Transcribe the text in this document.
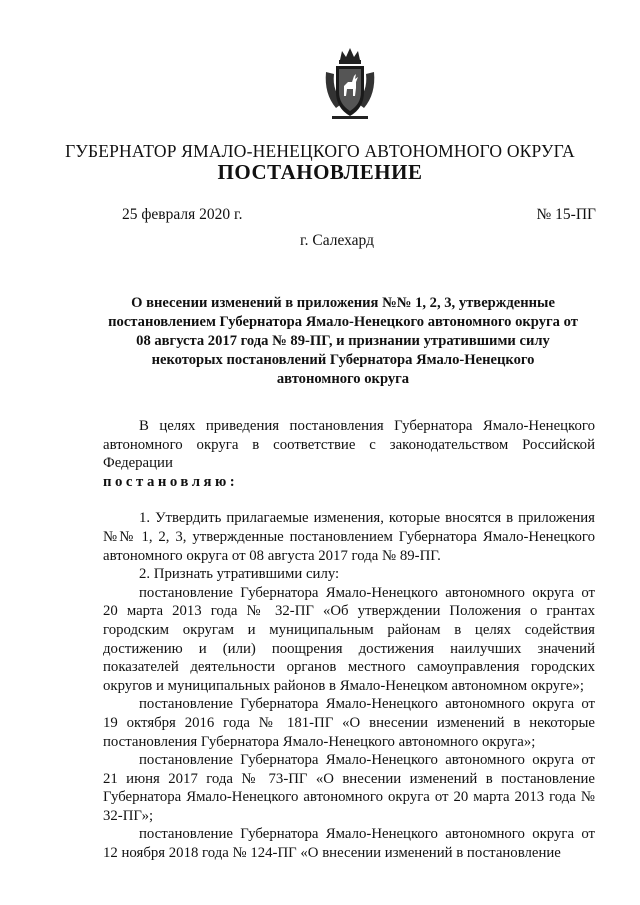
ГУБЕРНАТОР ЯМАЛО-НЕНЕЦКОГО АВТОНОМНОГО ОКРУГА
ПОСТАНОВЛЕНИЕ
25 февраля 2020 г.	№ 15-ПГ
г. Салехард
О внесении изменений в приложения №№ 1, 2, 3, утвержденные постановлением Губернатора Ямало-Ненецкого автономного округа от 08 августа 2017 года № 89-ПГ, и признании утратившими силу некоторых постановлений Губернатора Ямало-Ненецкого автономного округа

В целях приведения постановления Губернатора Ямало-Ненецкого автономного округа в соответствие с законодательством Российской Федерации

постановляю:

1. Утвердить прилагаемые изменения, которые вносятся в приложения №№ 1, 2, 3, утвержденные постановлением Губернатора Ямало-Ненецкого автономного округа от 08 августа 2017 года № 89-ПГ.

2. Признать утратившими силу:

постановление Губернатора Ямало-Ненецкого автономного округа от 20 марта 2013 года № 32-ПГ «Об утверждении Положения о грантах городским округам и муниципальным районам в целях содействия достижению и (или) поощрения достижения наилучших значений показателей деятельности органов местного самоуправления городских округов и муниципальных районов в Ямало-Ненецком автономном округе»;

постановление Губернатора Ямало-Ненецкого автономного округа от 19 октября 2016 года № 181-ПГ «О внесении изменений в некоторые постановления Губернатора Ямало-Ненецкого автономного округа»;

постановление Губернатора Ямало-Ненецкого автономного округа от 21 июня 2017 года № 73-ПГ «О внесении изменений в постановление Губернатора Ямало-Ненецкого автономного округа от 20 марта 2013 года № 32-ПГ»;

постановление Губернатора Ямало-Ненецкого автономного округа от 12 ноября 2018 года № 124-ПГ «О внесении изменений в постановление
